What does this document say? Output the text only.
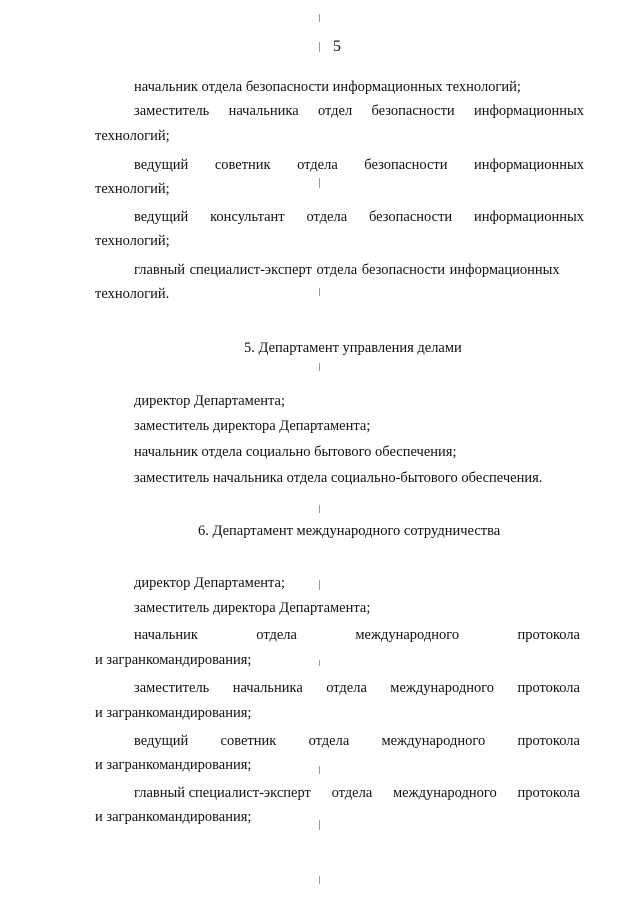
5
начальник отдела безопасности информационных технологий;
заместитель начальника отдел безопасности информационных
технологий;
ведущий советник отдела безопасности информационных
технологий;
ведущий консультант отдела безопасности информационных
технологий;
главный специалист-эксперт отдела безопасности информационных
технологий.
5. Департамент управления делами
директор Департамента;
заместитель директора Департамента;
начальник отдела социально бытового обеспечения;
заместитель начальника отдела социально-бытового обеспечения.
6. Департамент международного сотрудничества
директор Департамента;
заместитель директора Департамента;
начальник	отдела	международного	протокола
и загранкомандирования;
заместитель начальника отдела международного протокола
и загранкомандирования;
ведущий советник отдела международного протокола
и загранкомандирования;
главный специалист-эксперт отдела международного протокола
и загранкомандирования;
